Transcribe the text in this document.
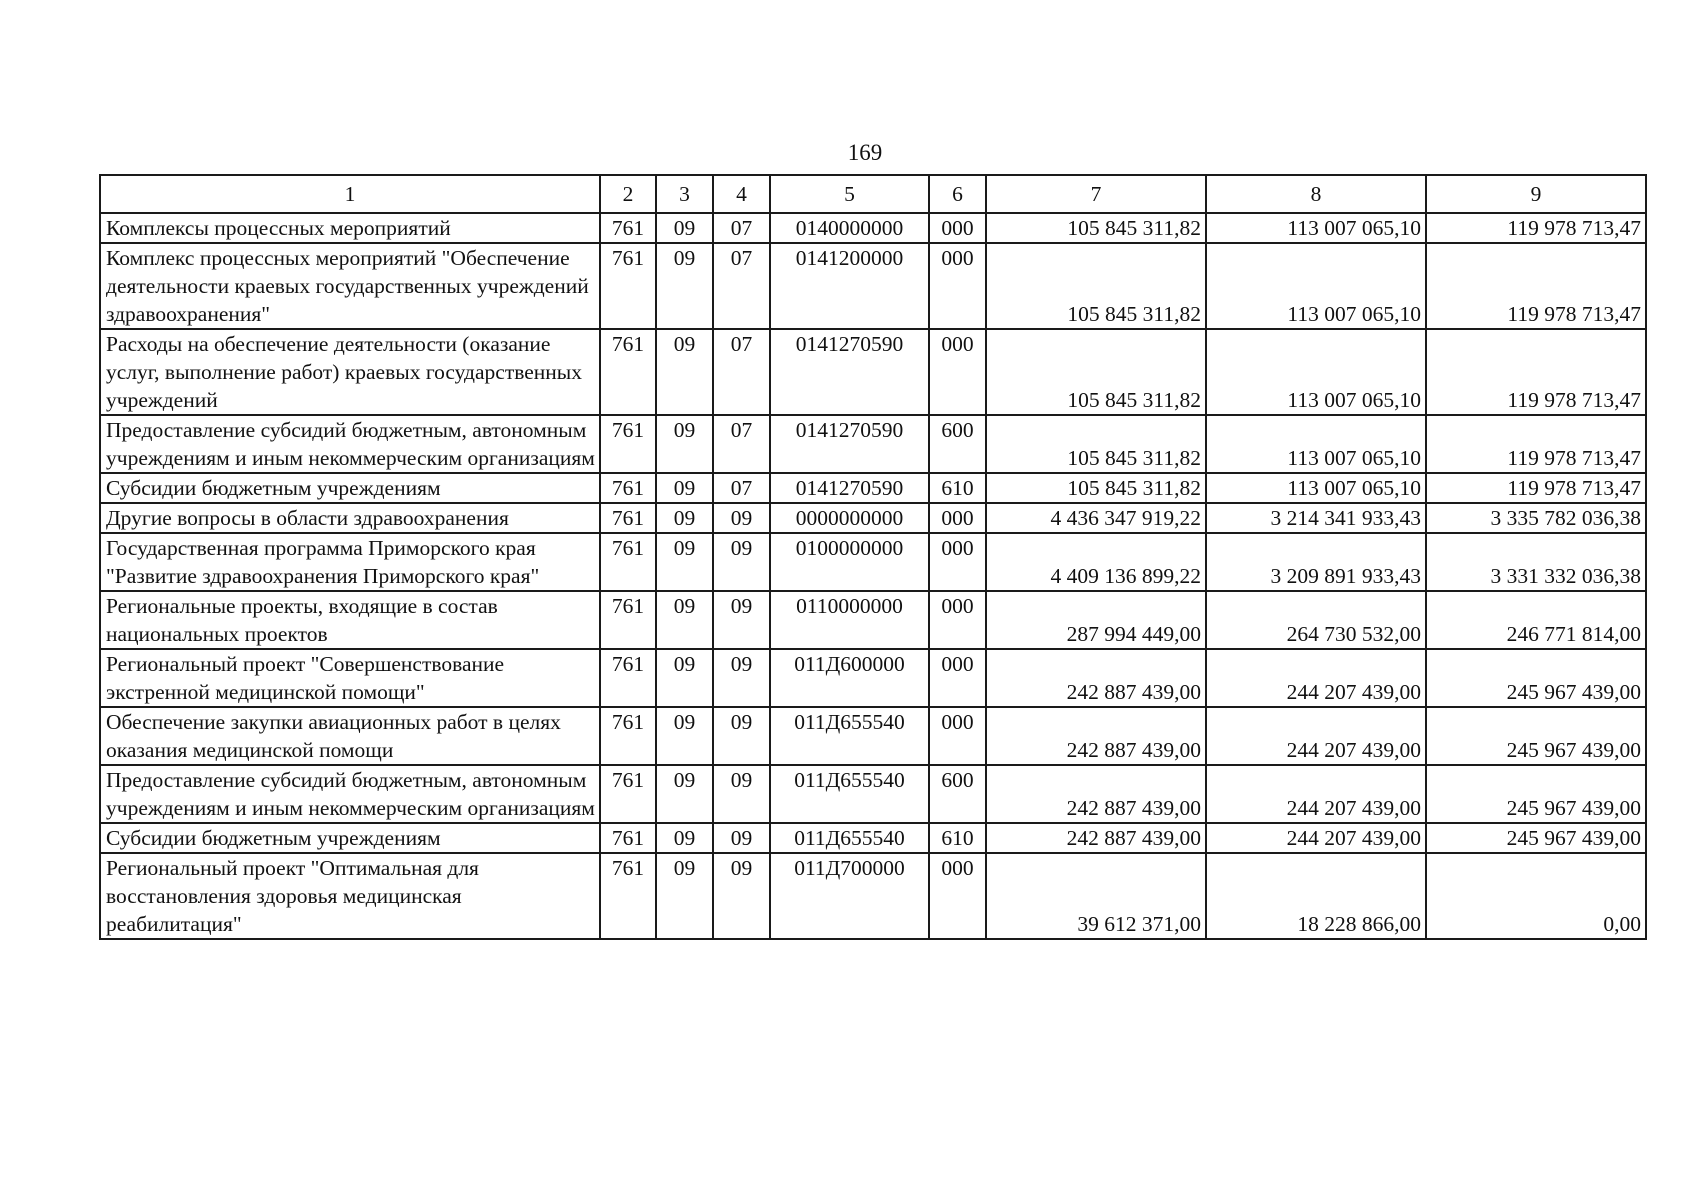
169
1	2	3	4	5	6	7	8	9
Комплексы процессных мероприятий	761	09	07	0140000000	000	105 845 311,82	113 007 065,10	119 978 713,47
Комплекс процессных мероприятий "Обеспечение деятельности краевых государственных учреждений здравоохранения"	761	09	07	0141200000	000	105 845 311,82	113 007 065,10	119 978 713,47
Расходы на обеспечение деятельности (оказание услуг, выполнение работ) краевых государственных учреждений	761	09	07	0141270590	000	105 845 311,82	113 007 065,10	119 978 713,47
Предоставление субсидий бюджетным, автономным учреждениям и иным некоммерческим организациям	761	09	07	0141270590	600	105 845 311,82	113 007 065,10	119 978 713,47
Субсидии бюджетным учреждениям	761	09	07	0141270590	610	105 845 311,82	113 007 065,10	119 978 713,47
Другие вопросы в области здравоохранения	761	09	09	0000000000	000	4 436 347 919,22	3 214 341 933,43	3 335 782 036,38
Государственная программа Приморского края "Развитие здравоохранения Приморского края"	761	09	09	0100000000	000	4 409 136 899,22	3 209 891 933,43	3 331 332 036,38
Региональные проекты, входящие в состав национальных проектов	761	09	09	0110000000	000	287 994 449,00	264 730 532,00	246 771 814,00
Региональный проект "Совершенствование экстренной медицинской помощи"	761	09	09	011Д600000	000	242 887 439,00	244 207 439,00	245 967 439,00
Обеспечение закупки авиационных работ в целях оказания медицинской помощи	761	09	09	011Д655540	000	242 887 439,00	244 207 439,00	245 967 439,00
Предоставление субсидий бюджетным, автономным учреждениям и иным некоммерческим организациям	761	09	09	011Д655540	600	242 887 439,00	244 207 439,00	245 967 439,00
Субсидии бюджетным учреждениям	761	09	09	011Д655540	610	242 887 439,00	244 207 439,00	245 967 439,00
Региональный проект "Оптимальная для восстановления здоровья медицинская реабилитация"	761	09	09	011Д700000	000	39 612 371,00	18 228 866,00	0,00
